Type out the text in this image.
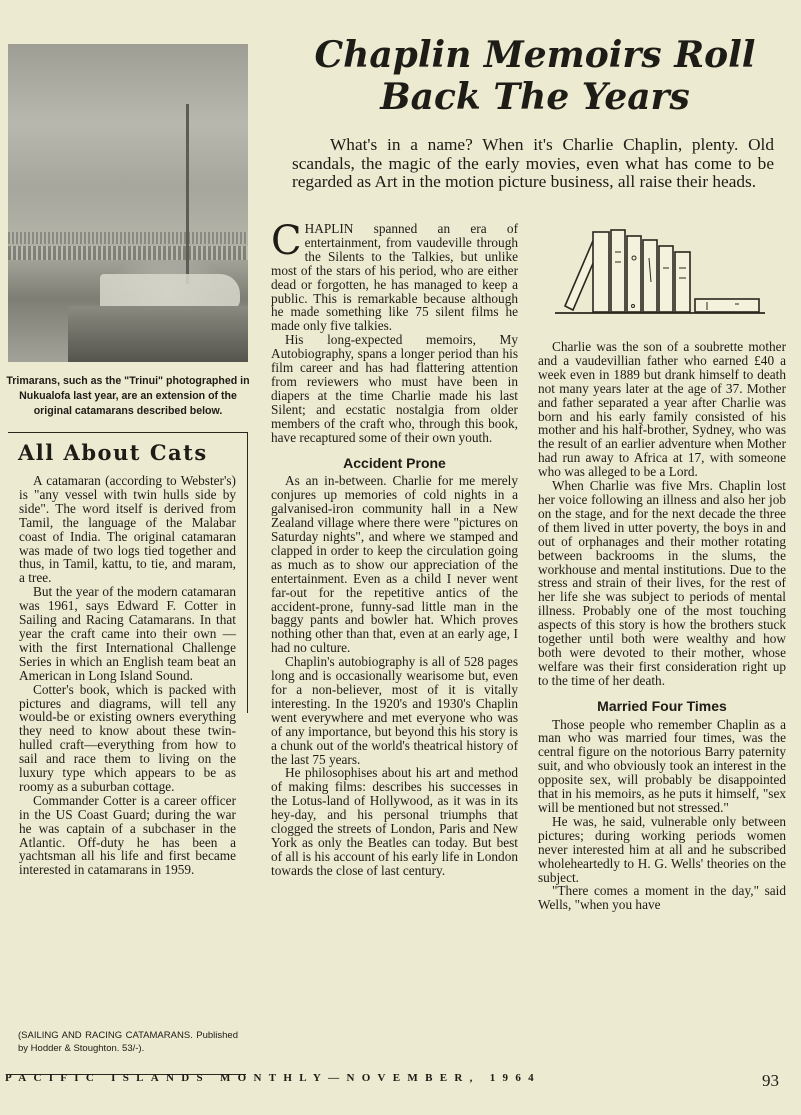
Trimarans, such as the "Trinui" photographed in Nukualofa last year, are an extension of the original catamarans described below.

All About Cats

A catamaran (according to Webster's) is "any vessel with twin hulls side by side". The word itself is derived from Tamil, the language of the Malabar coast of India. The original catamaran was made of two logs tied together and thus, in Tamil, kattu, to tie, and maram, a tree.

But the year of the modern catamaran was 1961, says Edward F. Cotter in Sailing and Racing Catamarans. In that year the craft came into their own —with the first International Challenge Series in which an English team beat an American in Long Island Sound.

Cotter's book, which is packed with pictures and diagrams, will tell any would-be or existing owners everything they need to know about these twin-hulled craft—everything from how to sail and race them to living on the luxury type which appears to be as roomy as a suburban cottage.

Commander Cotter is a career officer in the US Coast Guard; during the war he was captain of a subchaser in the Atlantic. Off-duty he has been a yachtsman all his life and first became interested in catamarans in 1959.

(SAILING AND RACING CATAMARANS. Published by Hodder & Stoughton. 53/-).

Chaplin Memoirs Roll
Back The Years

What's in a name? When it's Charlie Chaplin, plenty. Old scandals, the magic of the early movies, even what has come to be regarded as Art in the motion picture business, all raise their heads.

CHAPLIN spanned an era of entertainment, from vaudeville through the Silents to the Talkies, but unlike most of the stars of his period, who are either dead or forgotten, he has managed to keep a public. This is remarkable because although he made something like 75 silent films he made only five talkies.

His long-expected memoirs, My Autobiography, spans a longer period than his film career and has had flattering attention from reviewers who must have been in diapers at the time Charlie made his last Silent; and ecstatic nostalgia from older members of the craft who, through this book, have recaptured some of their own youth.

Accident Prone

As an in-between. Charlie for me merely conjures up memories of cold nights in a galvanised-iron community hall in a New Zealand village where there were "pictures on Saturday nights", and where we stamped and clapped in order to keep the circulation going as much as to show our appreciation of the entertainment. Even as a child I never went far-out for the repetitive antics of the accident-prone, funny-sad little man in the baggy pants and bowler hat. Which proves nothing other than that, even at an early age, I had no culture.

Chaplin's autobiography is all of 528 pages long and is occasionally wearisome but, even for a non-believer, most of it is vitally interesting. In the 1920's and 1930's Chaplin went everywhere and met everyone who was of any importance, but beyond this his story is a chunk out of the world's theatrical history of the last 75 years.

He philosophises about his art and method of making films: describes his successes in the Lotus-land of Hollywood, as it was in its hey-day, and his personal triumphs that clogged the streets of London, Paris and New York as only the Beatles can today. But best of all is his account of his early life in London towards the close of last century.

Charlie was the son of a soubrette mother and a vaudevillian father who earned £40 a week even in 1889 but drank himself to death not many years later at the age of 37. Mother and father separated a year after Charlie was born and his early family consisted of his mother and his half-brother, Sydney, who was the result of an earlier adventure when Mother had run away to Africa at 17, with someone who was alleged to be a Lord.

When Charlie was five Mrs. Chaplin lost her voice following an illness and also her job on the stage, and for the next decade the three of them lived in utter poverty, the boys in and out of orphanages and their mother rotating between backrooms in the slums, the workhouse and mental institutions. Due to the stress and strain of their lives, for the rest of her life she was subject to periods of mental illness. Probably one of the most touching aspects of this story is how the brothers stuck together until both were wealthy and how both were devoted to their mother, whose welfare was their first consideration right up to the time of her death.

Married Four Times

Those people who remember Chaplin as a man who was married four times, was the central figure on the notorious Barry paternity suit, and who obviously took an interest in the opposite sex, will probably be disappointed that in his memoirs, as he puts it himself, "sex will be mentioned but not stressed."

He was, he said, vulnerable only between pictures; during working periods women never interested him at all and he subscribed wholeheartedly to H. G. Wells' theories on the subject.

"There comes a moment in the day," said Wells, "when you have

PACIFIC ISLANDS MONTHLY—NOVEMBER, 1964	93
